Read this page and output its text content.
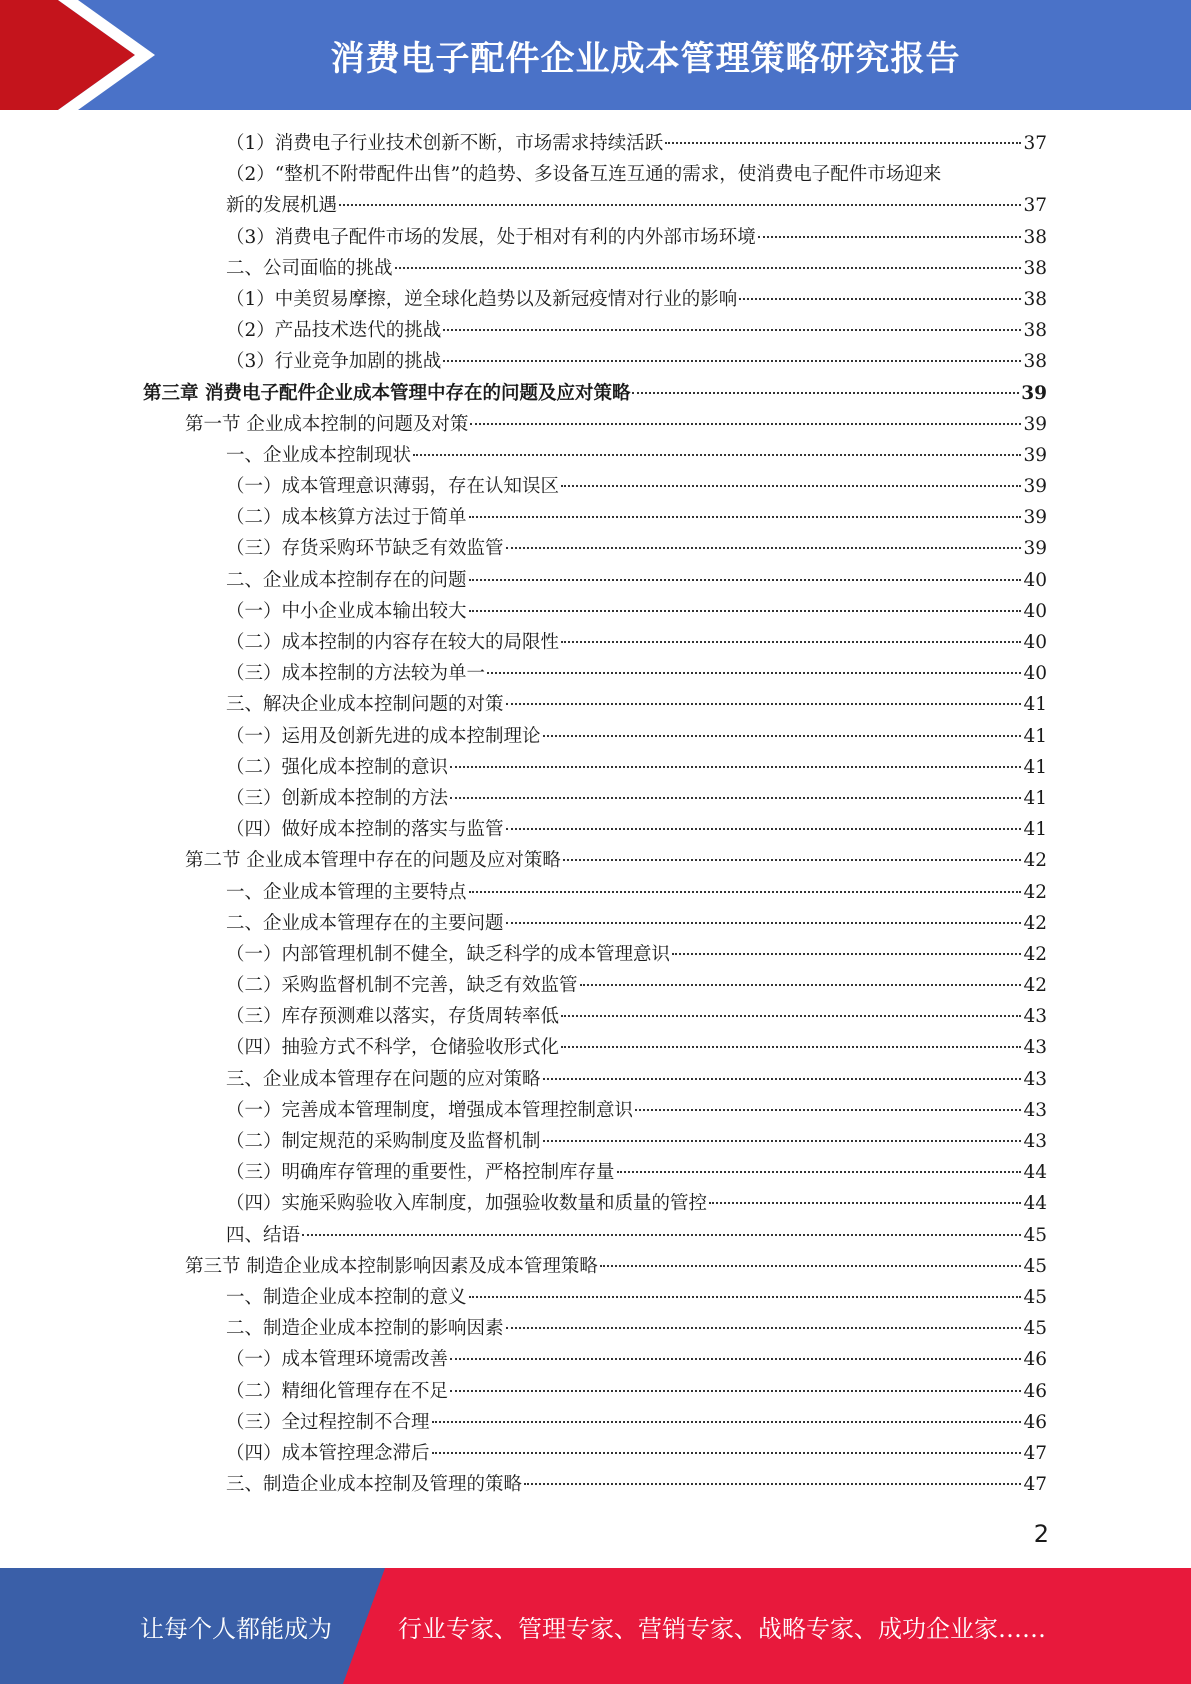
消费电子配件企业成本管理策略研究报告
（1）消费电子行业技术创新不断，市场需求持续活跃	37
（2）“整机不附带配件出售”的趋势、多设备互连互通的需求，使消费电子配件市场迎来
新的发展机遇	37
（3）消费电子配件市场的发展，处于相对有利的内外部市场环境	38
二、公司面临的挑战	38
（1）中美贸易摩擦，逆全球化趋势以及新冠疫情对行业的影响	38
（2）产品技术迭代的挑战	38
（3）行业竞争加剧的挑战	38
第三章 消费电子配件企业成本管理中存在的问题及应对策略	39
第一节 企业成本控制的问题及对策	39
一、企业成本控制现状	39
（一）成本管理意识薄弱，存在认知误区	39
（二）成本核算方法过于简单	39
（三）存货采购环节缺乏有效监管	39
二、企业成本控制存在的问题	40
（一）中小企业成本输出较大	40
（二）成本控制的内容存在较大的局限性	40
（三）成本控制的方法较为单一	40
三、解决企业成本控制问题的对策	41
（一）运用及创新先进的成本控制理论	41
（二）强化成本控制的意识	41
（三）创新成本控制的方法	41
（四）做好成本控制的落实与监管	41
第二节 企业成本管理中存在的问题及应对策略	42
一、企业成本管理的主要特点	42
二、企业成本管理存在的主要问题	42
（一）内部管理机制不健全，缺乏科学的成本管理意识	42
（二）采购监督机制不完善，缺乏有效监管	42
（三）库存预测难以落实，存货周转率低	43
（四）抽验方式不科学，仓储验收形式化	43
三、企业成本管理存在问题的应对策略	43
（一）完善成本管理制度，增强成本管理控制意识	43
（二）制定规范的采购制度及监督机制	43
（三）明确库存管理的重要性，严格控制库存量	44
（四）实施采购验收入库制度，加强验收数量和质量的管控	44
四、结语	45
第三节 制造企业成本控制影响因素及成本管理策略	45
一、制造企业成本控制的意义	45
二、制造企业成本控制的影响因素	45
（一）成本管理环境需改善	46
（二）精细化管理存在不足	46
（三）全过程控制不合理	46
（四）成本管控理念滞后	47
三、制造企业成本控制及管理的策略	47
2
让每个人都能成为	行业专家、管理专家、营销专家、战略专家、成功企业家……
